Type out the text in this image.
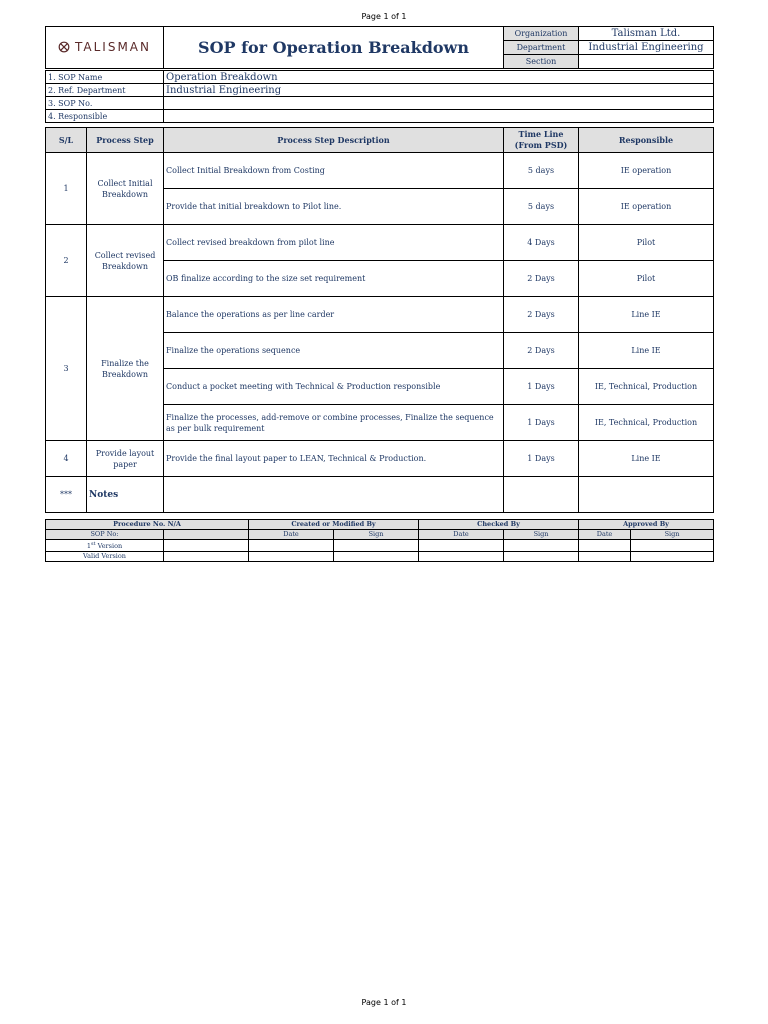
Page 1 of 1
TALISMAN	SOP for Operation Breakdown	Organization	Talisman Ltd.
		Department	Industrial Engineering
		Section	
1. SOP Name	Operation Breakdown
2. Ref. Department	Industrial Engineering
3. SOP No.	
4. Responsible	
S/L	Process Step	Process Step Description	Time Line (From PSD)	Responsible
1	Collect Initial Breakdown	Collect Initial Breakdown from Costing	5 days	IE operation
		Provide that initial breakdown to Pilot line.	5 days	IE operation
2	Collect revised Breakdown	Collect revised breakdown from pilot line	4 Days	Pilot
		OB finalize according to the size set requirement	2 Days	Pilot
3	Finalize the Breakdown	Balance the operations as per line carder	2 Days	Line IE
		Finalize the operations sequence	2 Days	Line IE
		Conduct a pocket meeting with Technical & Production responsible	1 Days	IE, Technical, Production
		Finalize the processes, add-remove or combine processes, Finalize the sequence as per bulk requirement	1 Days	IE, Technical, Production
4	Provide layout paper	Provide the final layout paper to LEAN, Technical & Production.	1 Days	Line IE
***	Notes			
Procedure No. N/A		Created or Modified By		Checked By		Approved By	
SOP No:		Date	Sign	Date	Sign	Date	Sign
1st Version							
Valid Version							
Page 1 of 1
